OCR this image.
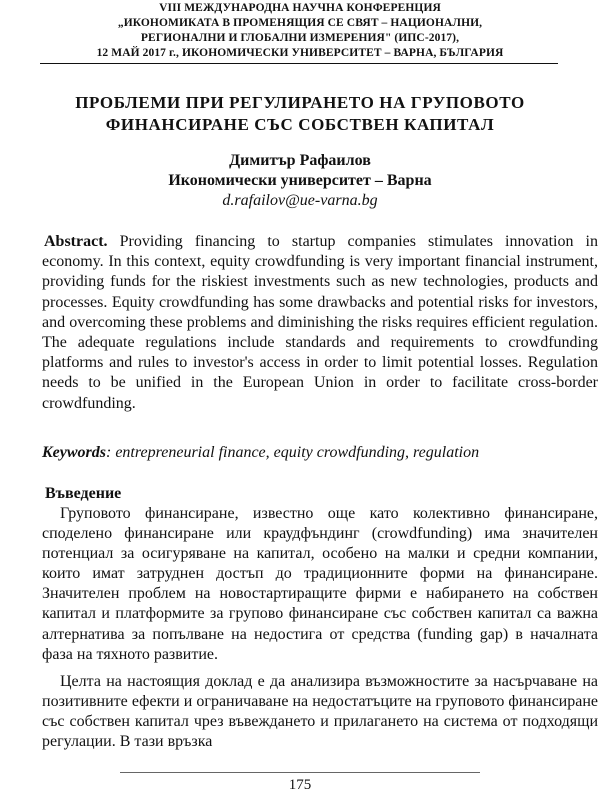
VIII МЕЖДУНАРОДНА НАУЧНА КОНФЕРЕНЦИЯ
„ИКОНОМИКАТА В ПРОМЕНЯЩИЯ СЕ СВЯТ – НАЦИОНАЛНИ,
РЕГИОНАЛНИ И ГЛОБАЛНИ ИЗМЕРЕНИЯ" (ИПС-2017),
12 МАЙ 2017 г., ИКОНОМИЧЕСКИ УНИВЕРСИТЕТ – ВАРНА, БЪЛГАРИЯ
ПРОБЛЕМИ ПРИ РЕГУЛИРАНЕТО НА ГРУПОВОТО
ФИНАНСИРАНЕ СЪС СОБСТВЕН КАПИТАЛ
Димитър Рафаилов
Икономически университет – Варна
d.rafailov@ue-varna.bg
Abstract. Providing financing to startup companies stimulates innovation in economy. In this context, equity crowdfunding is very important financial instrument, providing funds for the riskiest investments such as new technologies, products and processes. Equity crowdfunding has some drawbacks and potential risks for investors, and overcoming these problems and diminishing the risks requires efficient regulation. The adequate regulations include standards and requirements to crowdfunding platforms and rules to investor's access in order to limit potential losses. Regulation needs to be unified in the European Union in order to facilitate cross-border crowdfunding.
Keywords: entrepreneurial finance, equity crowdfunding, regulation
Въведение

Груповото финансиране, известно още като колективно финансиране, споделено финансиране или краудфъндинг (crowdfunding) има значителен потенциал за осигуряване на капитал, особено на малки и средни компании, които имат затруднен достъп до традиционните форми на финансиране. Значителен проблем на новостартиращите фирми е набирането на собствен капитал и платформите за групово финансиране със собствен капитал са важна алтернатива за попълване на недостига от средства (funding gap) в началната фаза на тяхното развитие.

Целта на настоящия доклад е да анализира възможностите за насърчаване на позитивните ефекти и ограничаване на недостатъците на груповото финансиране със собствен капитал чрез въвеждането и прилагането на система от подходящи регулации. В тази връзка

175
